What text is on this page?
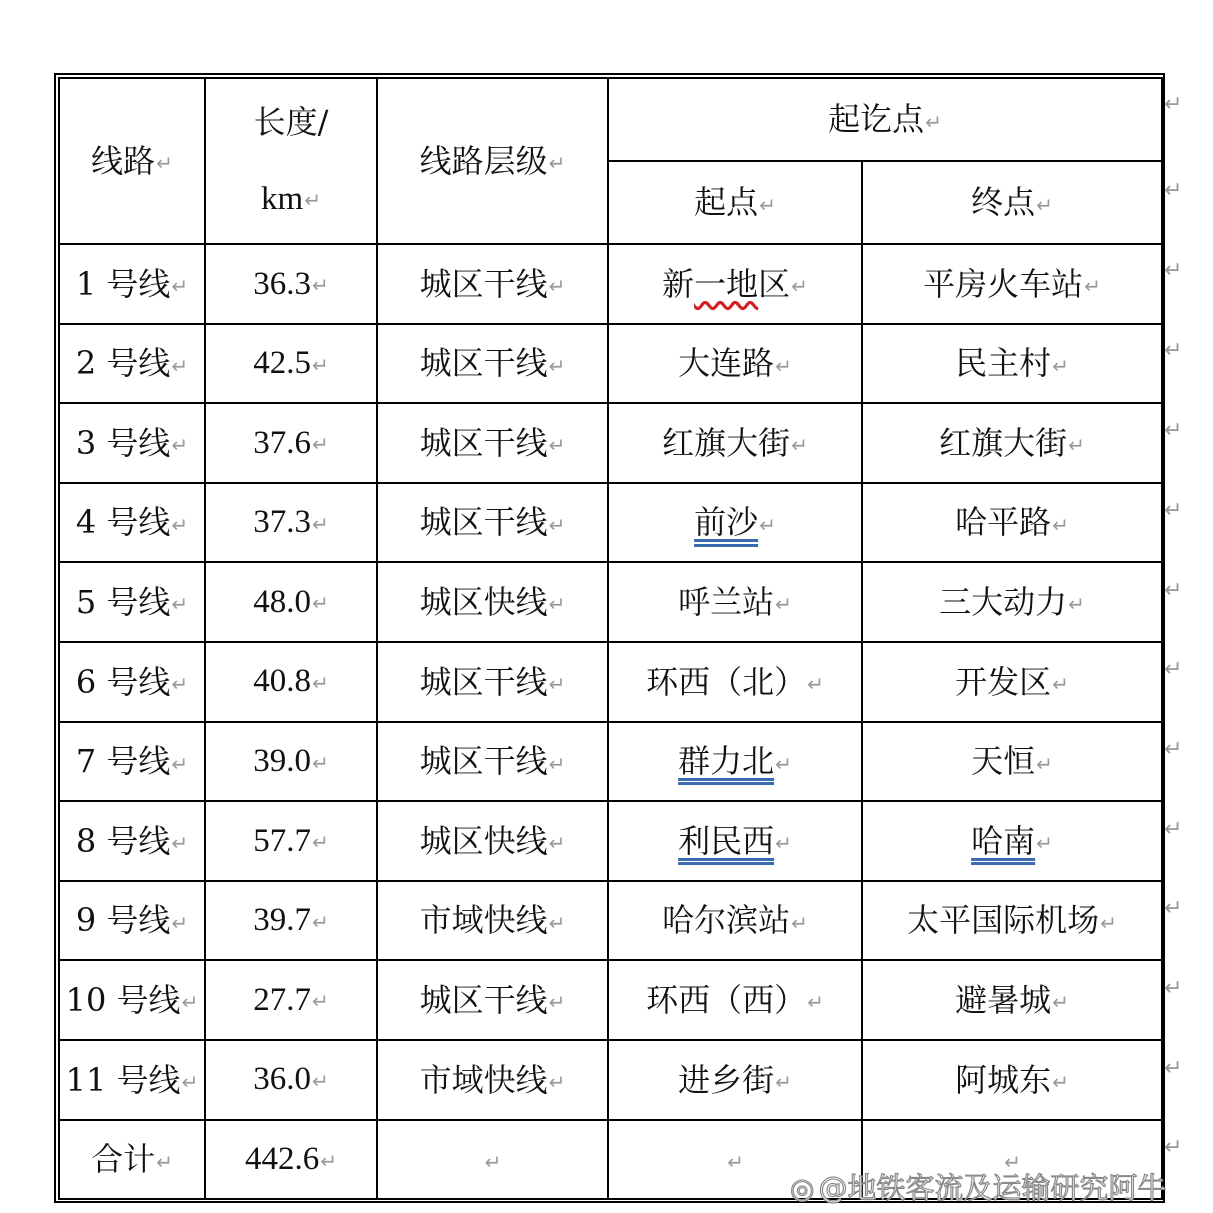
线路↵	长度/
km↵	线路层级↵	起讫点↵	
			起点↵	终点↵
1 号线↵	36.3↵	城区干线↵	新一地区↵	平房火车站↵
2 号线↵	42.5↵	城区干线↵	大连路↵	民主村↵
3 号线↵	37.6↵	城区干线↵	红旗大街↵	红旗大街↵
4 号线↵	37.3↵	城区干线↵	前沙↵	哈平路↵
5 号线↵	48.0↵	城区快线↵	呼兰站↵	三大动力↵
6 号线↵	40.8↵	城区干线↵	环西（北）↵	开发区↵
7 号线↵	39.0↵	城区干线↵	群力北↵	天恒↵
8 号线↵	57.7↵	城区快线↵	利民西↵	哈南↵
9 号线↵	39.7↵	市域快线↵	哈尔滨站↵	太平国际机场↵
10 号线↵	27.7↵	城区干线↵	环西（西）↵	避暑城↵
11 号线↵	36.0↵	市域快线↵	进乡街↵	阿城东↵
合计↵	442.6↵	↵	↵	↵
↵
↵
↵
↵
↵
↵
↵
↵
↵
↵
↵
↵
↵
↵
◎ @地铁客流及运输研究阿牛
